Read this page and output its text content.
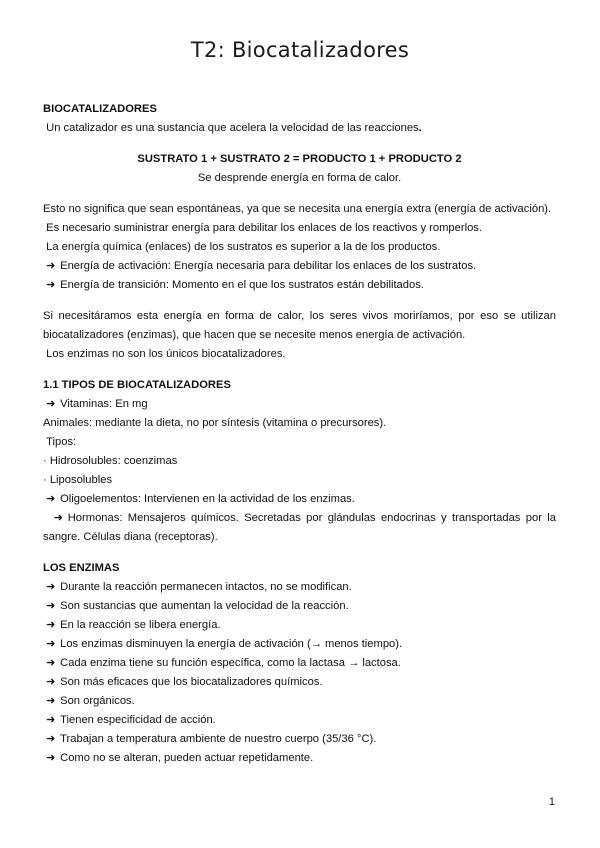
T2: Biocatalizadores

BIOCATALIZADORES

Un catalizador es una sustancia que acelera la velocidad de las reacciones.

SUSTRATO 1 + SUSTRATO 2 = PRODUCTO 1 + PRODUCTO 2

Se desprende energía en forma de calor.

Esto no significa que sean espontáneas, ya que se necesita una energía extra (energía de activación).

Es necesario suministrar energía para debilitar los enlaces de los reactivos y romperlos.

La energía química (enlaces) de los sustratos es superior a la de los productos.

➜ Energía de activación: Energía necesaria para debilitar los enlaces de los sustratos.

➜ Energía de transición: Momento en el que los sustratos están debilitados.

Si necesitáramos esta energía en forma de calor, los seres vivos moriríamos, por eso se utilizan biocatalizadores (enzimas), que hacen que se necesite menos energía de activación.

Los enzimas no son los únicos biocatalizadores.

1.1 TIPOS DE BIOCATALIZADORES

➜ Vitaminas: En mg

Animales: mediante la dieta, no por síntesis (vitamina o precursores).

Tipos:

· Hidrosolubles: coenzimas

· Liposolubles

➜ Oligoelementos: Intervienen en la actividad de los enzimas.

➜ Hormonas: Mensajeros químicos. Secretadas por glándulas endocrinas y transportadas por la sangre. Células diana (receptoras).

LOS ENZIMAS

➜ Durante la reacción permanecen intactos, no se modifican.

➜ Son sustancias que aumentan la velocidad de la reacción.

➜ En la reacción se libera energía.

➜ Los enzimas disminuyen la energía de activación (→ menos tiempo).

➜ Cada enzima tiene su función específica, como la lactasa → lactosa.

➜ Son más eficaces que los biocatalizadores químicos.

➜ Son orgánicos.

➜ Tienen especificidad de acción.

➜ Trabajan a temperatura ambiente de nuestro cuerpo (35/36 °C).

➜ Como no se alteran, pueden actuar repetidamente.

1
